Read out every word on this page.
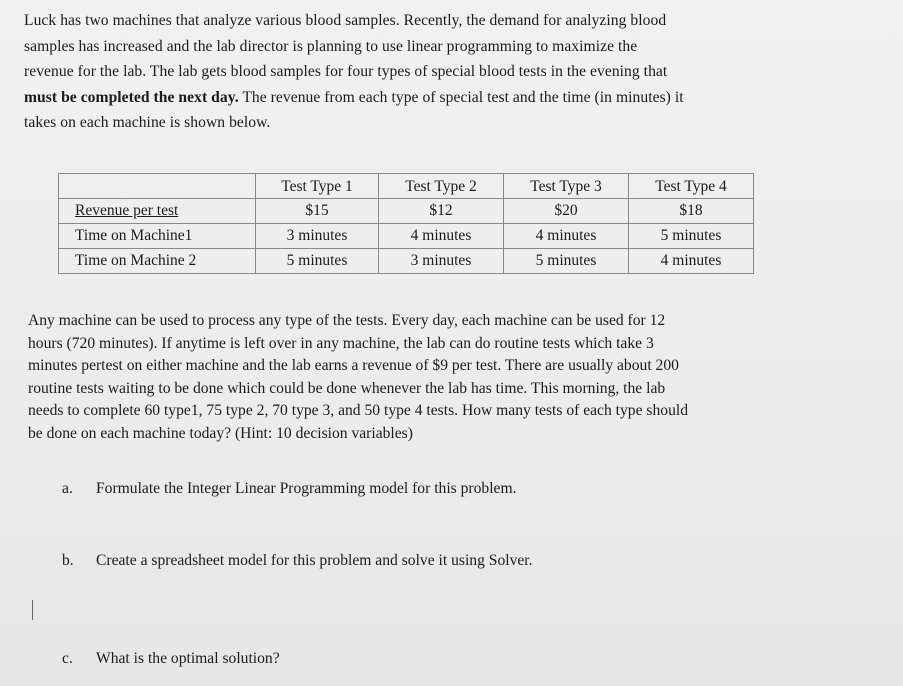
Luck has two machines that analyze various blood samples. Recently, the demand for analyzing blood
samples has increased and the lab director is planning to use linear programming to maximize the
revenue for the lab. The lab gets blood samples for four types of special blood tests in the evening that
must be completed the next day. The revenue from each type of special test and the time (in minutes) it
takes on each machine is shown below.

	Test Type 1	Test Type 2	Test Type 3	Test Type 4
Revenue per test	$15	$12	$20	$18
Time on Machine1	3 minutes	4 minutes	4 minutes	5 minutes
Time on Machine 2	5 minutes	3 minutes	5 minutes	4 minutes

Any machine can be used to process any type of the tests. Every day, each machine can be used for 12
hours (720 minutes). If anytime is left over in any machine, the lab can do routine tests which take 3
minutes pertest on either machine and the lab earns a revenue of $9 per test. There are usually about 200
routine tests waiting to be done which could be done whenever the lab has time. This morning, the lab
needs to complete 60 type1, 75 type 2, 70 type 3, and 50 type 4 tests. How many tests of each type should
be done on each machine today? (Hint: 10 decision variables)

a. Formulate the Integer Linear Programming model for this problem.
b. Create a spreadsheet model for this problem and solve it using Solver.
c. What is the optimal solution?
